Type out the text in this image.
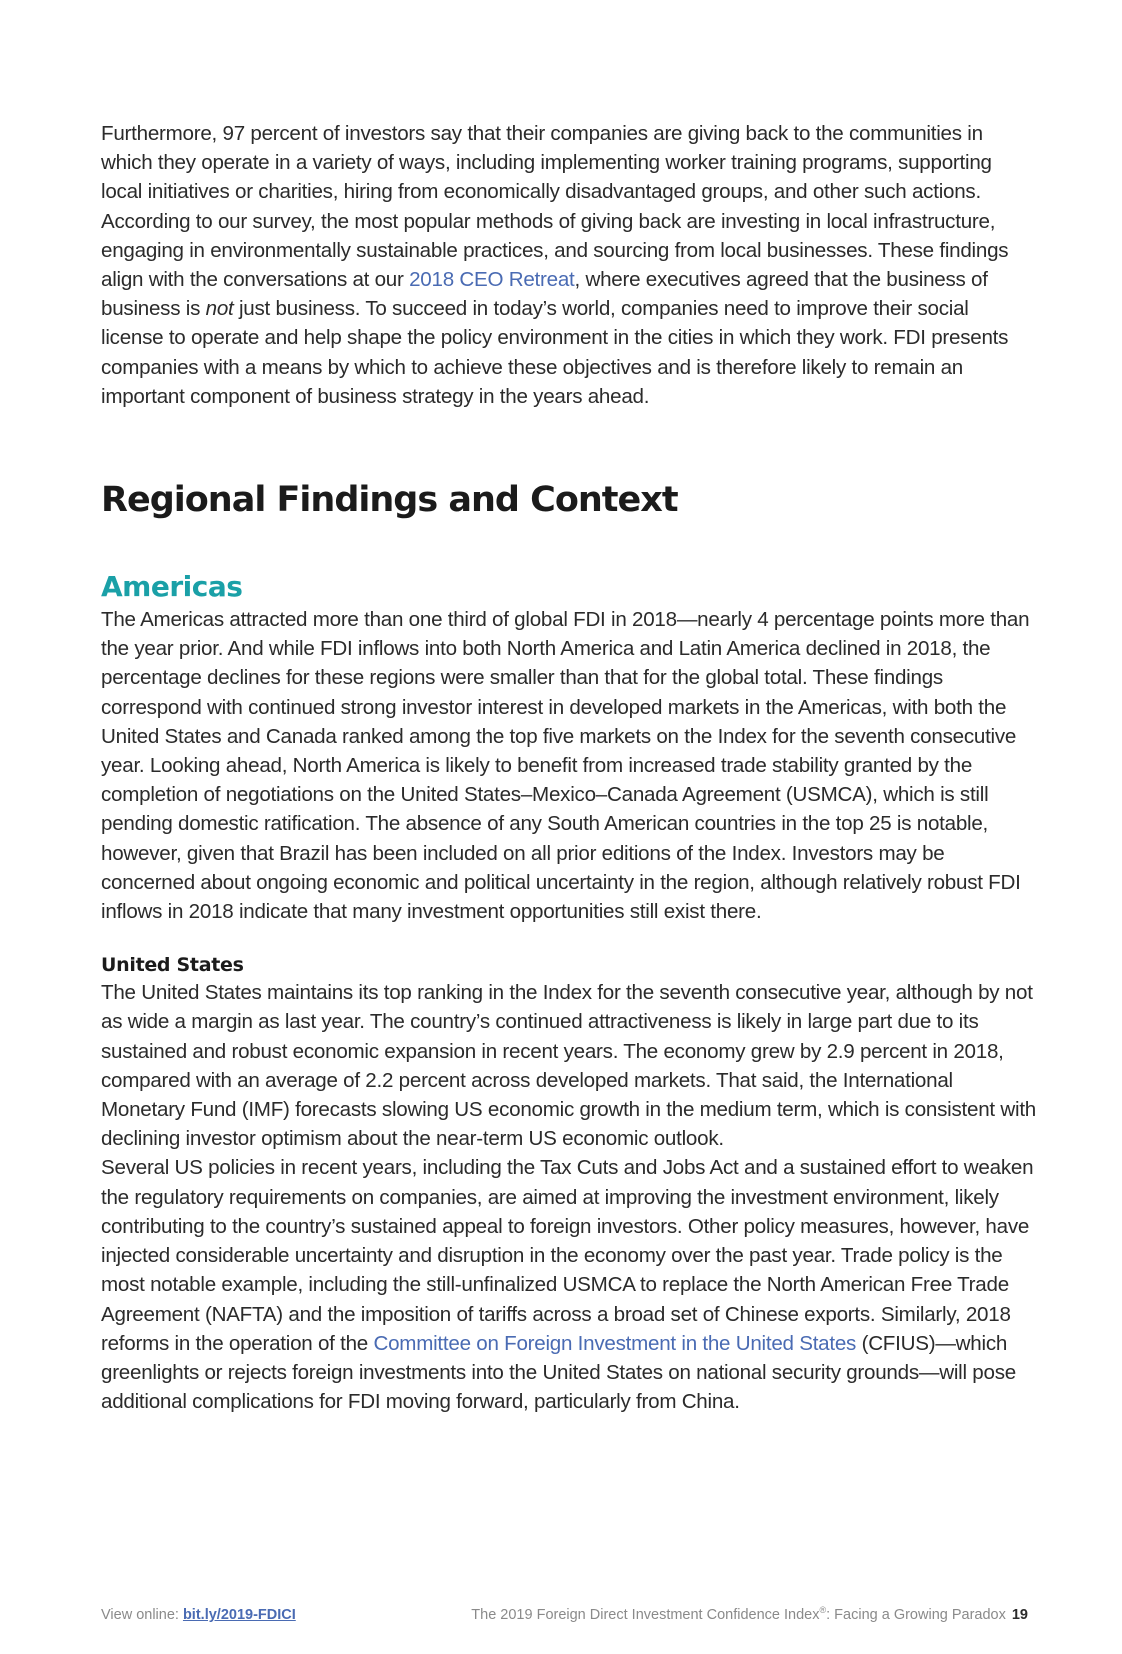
Furthermore, 97 percent of investors say that their companies are giving back to the communities in which they operate in a variety of ways, including implementing worker training programs, supporting local initiatives or charities, hiring from economically disadvantaged groups, and other such actions. According to our survey, the most popular methods of giving back are investing in local infrastructure, engaging in environmentally sustainable practices, and sourcing from local businesses. These findings align with the conversations at our 2018 CEO Retreat, where executives agreed that the business of business is not just business. To succeed in today’s world, companies need to improve their social license to operate and help shape the policy environment in the cities in which they work. FDI presents companies with a means by which to achieve these objectives and is therefore likely to remain an important component of business strategy in the years ahead.

Regional Findings and Context
Americas

The Americas attracted more than one third of global FDI in 2018—nearly 4 percentage points more than the year prior. And while FDI inflows into both North America and Latin America declined in 2018, the percentage declines for these regions were smaller than that for the global total. These findings correspond with continued strong investor interest in developed markets in the Americas, with both the United States and Canada ranked among the top five markets on the Index for the seventh consecutive year. Looking ahead, North America is likely to benefit from increased trade stability granted by the completion of negotiations on the United States–Mexico–Canada Agreement (USMCA), which is still pending domestic ratification. The absence of any South American countries in the top 25 is notable, however, given that Brazil has been included on all prior editions of the Index. Investors may be concerned about ongoing economic and political uncertainty in the region, although relatively robust FDI inflows in 2018 indicate that many investment opportunities still exist there.

United States

The United States maintains its top ranking in the Index for the seventh consecutive year, although by not as wide a margin as last year. The country’s continued attractiveness is likely in large part due to its sustained and robust economic expansion in recent years. The economy grew by 2.9 percent in 2018, compared with an average of 2.2 percent across developed markets. That said, the International Monetary Fund (IMF) forecasts slowing US economic growth in the medium term, which is consistent with declining investor optimism about the near-term US economic outlook.

Several US policies in recent years, including the Tax Cuts and Jobs Act and a sustained effort to weaken the regulatory requirements on companies, are aimed at improving the investment environment, likely contributing to the country’s sustained appeal to foreign investors. Other policy measures, however, have injected considerable uncertainty and disruption in the economy over the past year. Trade policy is the most notable example, including the still-unfinalized USMCA to replace the North American Free Trade Agreement (NAFTA) and the imposition of tariffs across a broad set of Chinese exports. Similarly, 2018 reforms in the operation of the Committee on Foreign Investment in the United States (CFIUS)—which greenlights or rejects foreign investments into the United States on national security grounds—will pose additional complications for FDI moving forward, particularly from China.

View online: bit.ly/2019-FDICI	The 2019 Foreign Direct Investment Confidence Index®: Facing a Growing Paradox 19
